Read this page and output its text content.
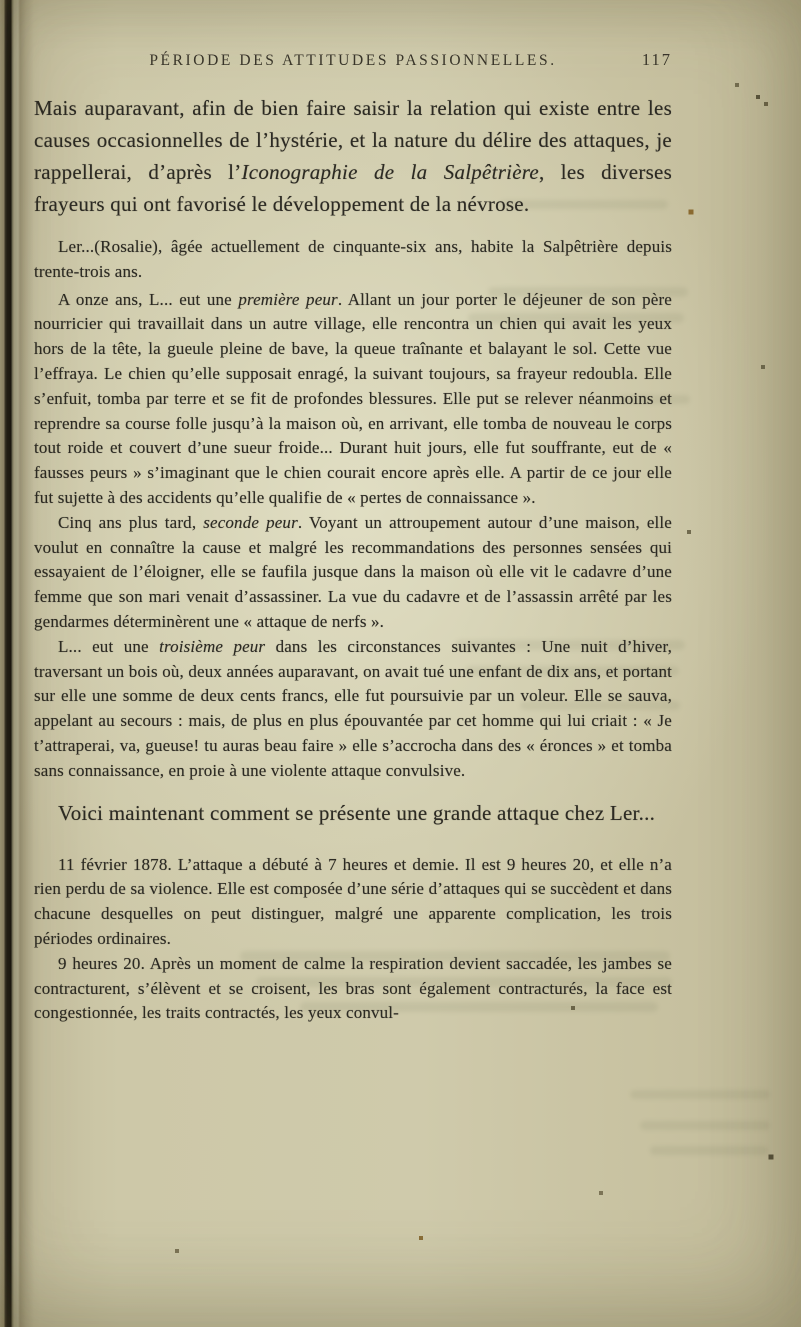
PÉRIODE DES ATTITUDES PASSIONNELLES.	117

Mais auparavant, afin de bien faire saisir la relation qui existe entre les causes occasionnelles de l’hystérie, et la nature du délire des attaques, je rappellerai, d’après l’Iconographie de la Salpêtrière, les diverses frayeurs qui ont favorisé le développement de la névrose.

Ler...(Rosalie), âgée actuellement de cinquante-six ans, habite la Salpêtrière depuis trente-trois ans.

A onze ans, L... eut une première peur. Allant un jour porter le déjeuner de son père nourricier qui travaillait dans un autre village, elle rencontra un chien qui avait les yeux hors de la tête, la gueule pleine de bave, la queue traînante et balayant le sol. Cette vue l’effraya. Le chien qu’elle supposait enragé, la suivant toujours, sa frayeur redoubla. Elle s’enfuit, tomba par terre et se fit de profondes blessures. Elle put se relever néanmoins et reprendre sa course folle jusqu’à la maison où, en arrivant, elle tomba de nouveau le corps tout roide et couvert d’une sueur froide... Durant huit jours, elle fut souffrante, eut de « fausses peurs » s’imaginant que le chien courait encore après elle. A partir de ce jour elle fut sujette à des accidents qu’elle qualifie de « pertes de connaissance ».

Cinq ans plus tard, seconde peur. Voyant un attroupement autour d’une maison, elle voulut en connaître la cause et malgré les recommandations des personnes sensées qui essayaient de l’éloigner, elle se faufila jusque dans la maison où elle vit le cadavre d’une femme que son mari venait d’assassiner. La vue du cadavre et de l’assassin arrêté par les gendarmes déterminèrent une « attaque de nerfs ».

L... eut une troisième peur dans les circonstances suivantes : Une nuit d’hiver, traversant un bois où, deux années auparavant, on avait tué une enfant de dix ans, et portant sur elle une somme de deux cents francs, elle fut poursuivie par un voleur. Elle se sauva, appelant au secours : mais, de plus en plus épouvantée par cet homme qui lui criait : « Je t’attraperai, va, gueuse! tu auras beau faire » elle s’accrocha dans des « éronces » et tomba sans connaissance, en proie à une violente attaque convulsive.

Voici maintenant comment se présente une grande attaque chez Ler...

11 février 1878. L’attaque a débuté à 7 heures et demie. Il est 9 heures 20, et elle n’a rien perdu de sa violence. Elle est composée d’une série d’attaques qui se succèdent et dans chacune desquelles on peut distinguer, malgré une apparente complication, les trois périodes ordinaires.

9 heures 20. Après un moment de calme la respiration devient saccadée, les jambes se contracturent, s’élèvent et se croisent, les bras sont également contracturés, la face est congestionnée, les traits contractés, les yeux convul-
